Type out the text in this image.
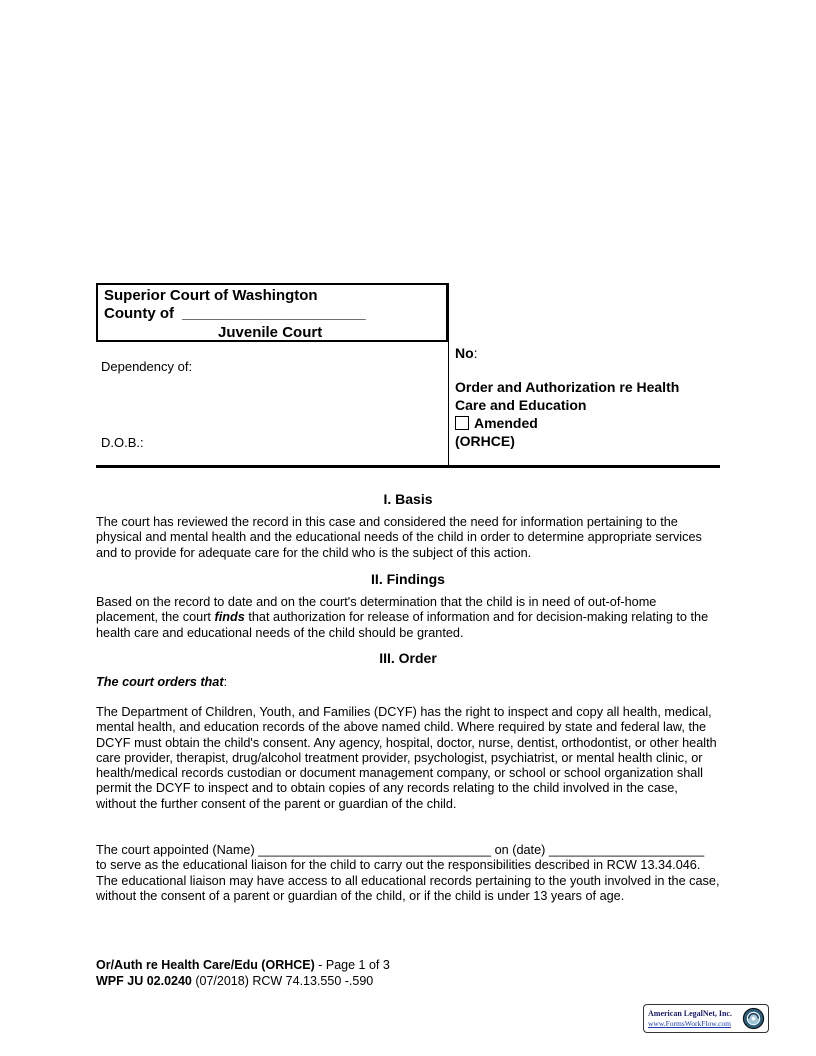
Superior Court of Washington
County of ______________________
Juvenile Court
Dependency of:
D.O.B.:
No:
Order and Authorization re Health
Care and Education
Amended
(ORHCE)
I. Basis
The court has reviewed the record in this case and considered the need for information pertaining to the physical and mental health and the educational needs of the child in order to determine appropriate services and to provide for adequate care for the child who is the subject of this action.
II. Findings
Based on the record to date and on the court's determination that the child is in need of out-of-home placement, the court finds that authorization for release of information and for decision-making relating to the health care and educational needs of the child should be granted.
III. Order
The court orders that:
The Department of Children, Youth, and Families (DCYF) has the right to inspect and copy all health, medical, mental health, and education records of the above named child. Where required by state and federal law, the DCYF must obtain the child's consent. Any agency, hospital, doctor, nurse, dentist, orthodontist, or other health care provider, therapist, drug/alcohol treatment provider, psychologist, psychiatrist, or mental health clinic, or health/medical records custodian or document management company, or school or school organization shall permit the DCYF to inspect and to obtain copies of any records relating to the child involved in the case, without the further consent of the parent or guardian of the child.
The court appointed (Name) _________________________________ on (date) ______________________
to serve as the educational liaison for the child to carry out the responsibilities described in RCW 13.34.046. The educational liaison may have access to all educational records pertaining to the youth involved in the case, without the consent of a parent or guardian of the child, or if the child is under 13 years of age.
Or/Auth re Health Care/Edu (ORHCE) - Page 1 of 3
WPF JU 02.0240 (07/2018) RCW 74.13.550 -.590
American LegalNet, Inc.
www.FormsWorkFlow.com
